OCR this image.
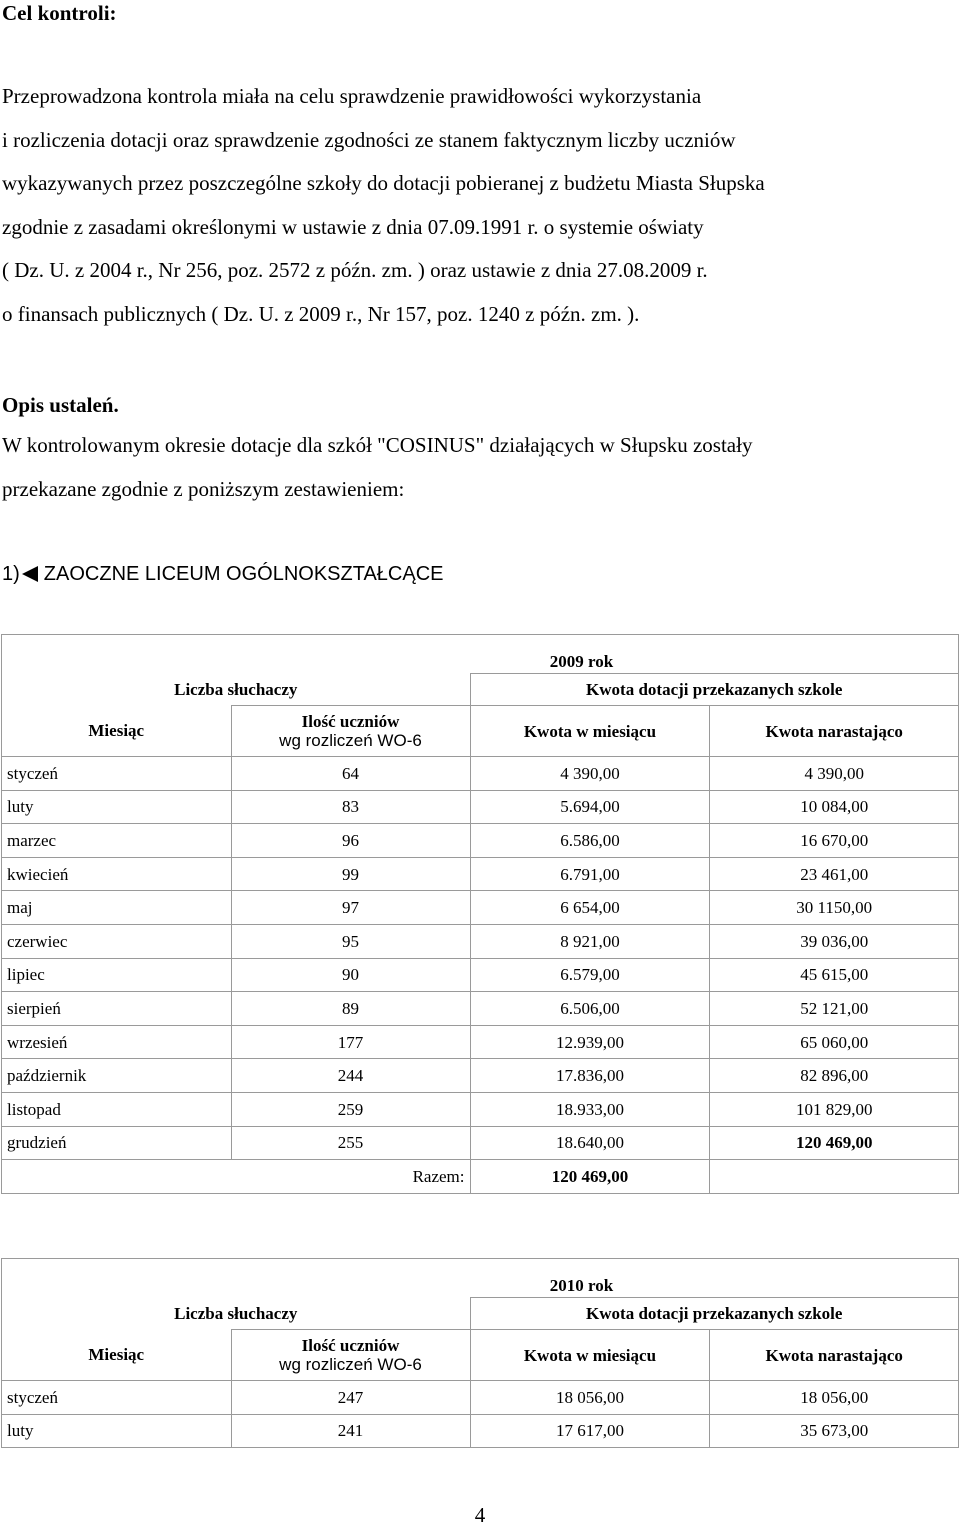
Cel kontroli:

Przeprowadzona kontrola miała na celu sprawdzenie prawidłowości wykorzystania

i rozliczenia dotacji oraz sprawdzenie zgodności ze stanem faktycznym liczby uczniów

wykazywanych przez poszczególne szkoły do dotacji pobieranej z budżetu Miasta Słupska

zgodnie z zasadami określonymi w ustawie z dnia 07.09.1991 r. o systemie oświaty

( Dz. U. z 2004 r., Nr 256, poz. 2572 z późn. zm. ) oraz ustawie z dnia 27.08.2009 r.

o finansach publicznych ( Dz. U. z 2009 r., Nr 157, poz. 1240 z późn. zm. ).

Opis ustaleń.

W kontrolowanym okresie dotacje dla szkół "COSINUS" działających w Słupsku zostały

przekazane zgodnie z poniższym zestawieniem:

1) ZAOCZNE LICEUM OGÓLNOKSZTAŁCĄCE
		2009 rok	
Liczba słuchaczy		Kwota dotacji przekazanych szkole	
Miesiąc	Ilość uczniów
wg rozliczeń WO-6	Kwota w miesiącu	Kwota narastająco
styczeń	64	4 390,00	4 390,00
luty	83	5.694,00	10 084,00
marzec	96	6.586,00	16 670,00
kwiecień	99	6.791,00	23 461,00
maj	97	6 654,00	30 1150,00
czerwiec	95	8 921,00	39 036,00
lipiec	90	6.579,00	45 615,00
sierpień	89	6.506,00	52 121,00
wrzesień	177	12.939,00	65 060,00
październik	244	17.836,00	82 896,00
listopad	259	18.933,00	101 829,00
grudzień	255	18.640,00	120 469,00
	Razem:	120 469,00	
		2010 rok	
Liczba słuchaczy		Kwota dotacji przekazanych szkole	
Miesiąc	Ilość uczniów
wg rozliczeń WO-6	Kwota w miesiącu	Kwota narastająco
styczeń	247	18 056,00	18 056,00
luty	241	17 617,00	35 673,00
4
